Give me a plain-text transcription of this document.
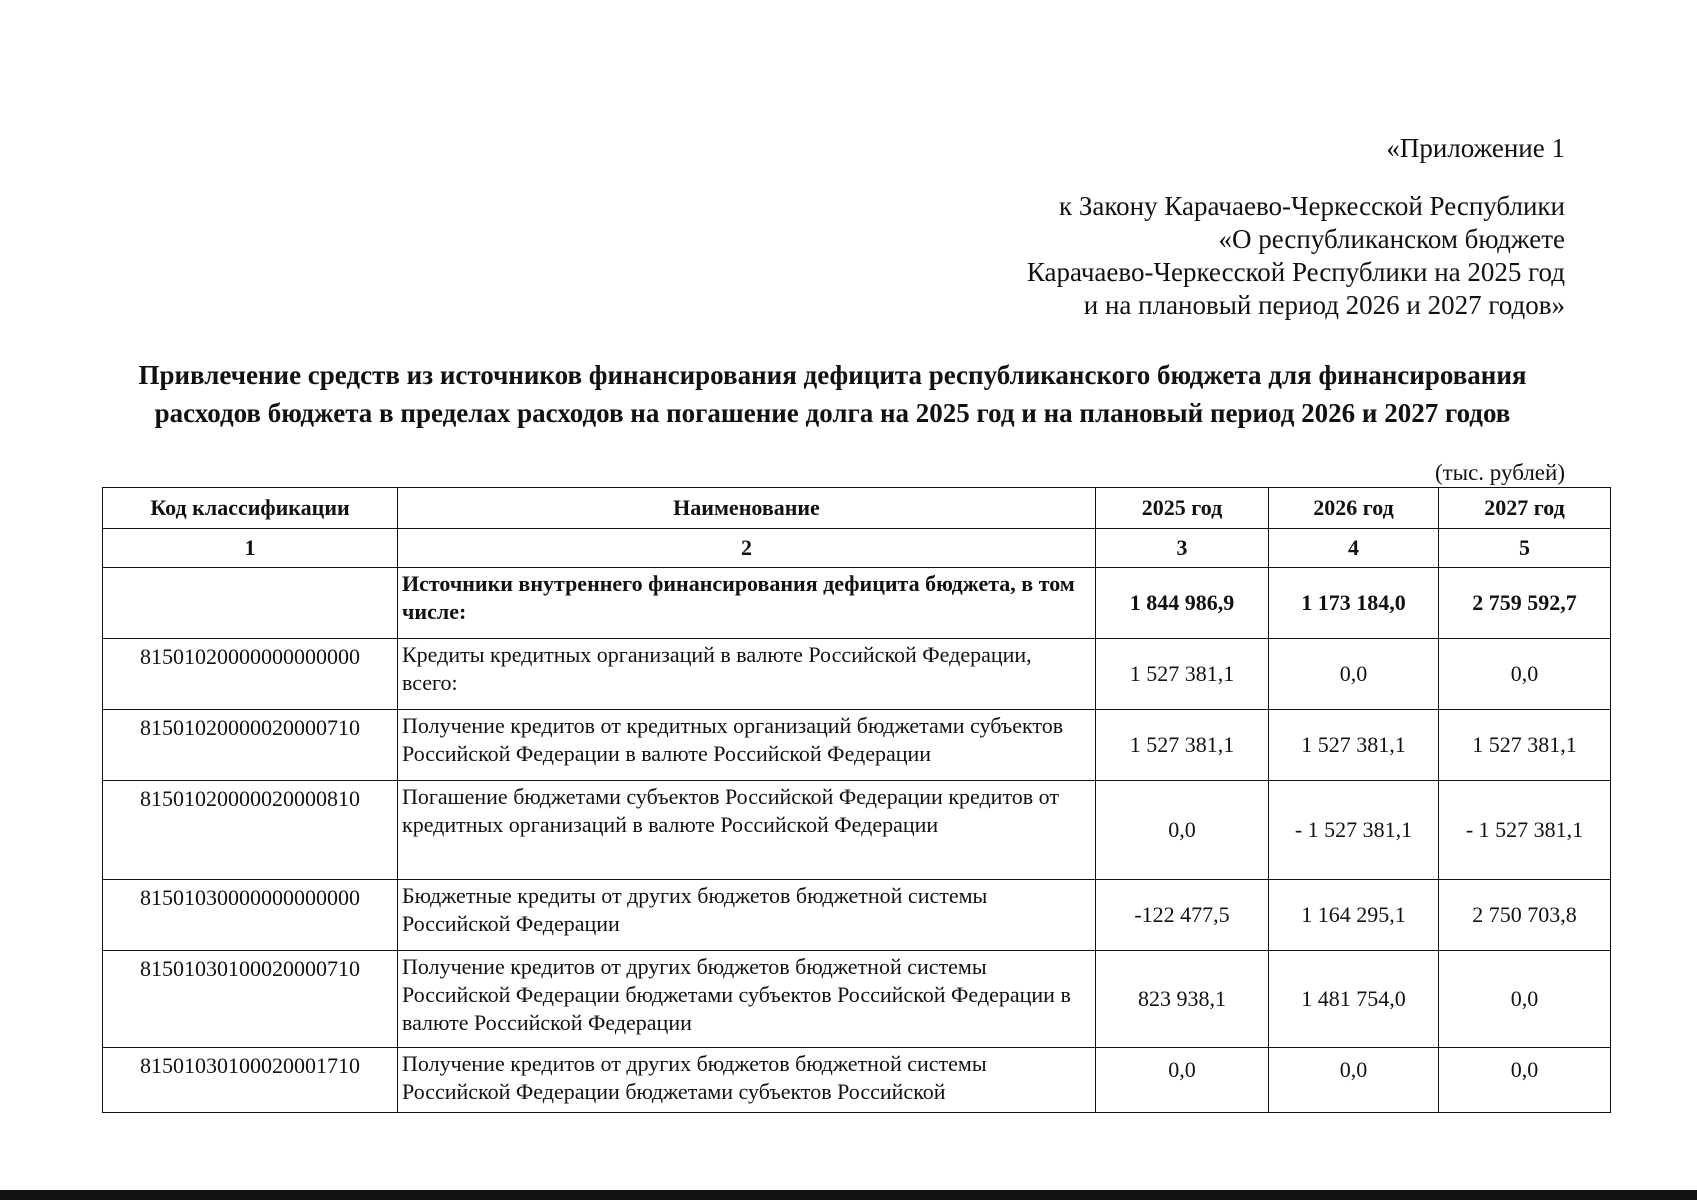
«Приложение 1
к Закону Карачаево-Черкесской Республики
«О республиканском бюджете
Карачаево-Черкесской Республики на 2025 год
и на плановый период 2026 и 2027 годов»
Привлечение средств из источников финансирования дефицита республиканского бюджета для финансирования
расходов бюджета в пределах расходов на погашение долга на 2025 год и на плановый период 2026 и 2027 годов
(тыс. рублей)
Код классификации	Наименование	2025 год	2026 год	2027 год
1	2	3	4	5
	Источники внутреннего финансирования дефицита бюджета, в том числе:	1 844 986,9	1 173 184,0	2 759 592,7
81501020000000000000	Кредиты кредитных организаций в валюте Российской Федерации, всего:	1 527 381,1	0,0	0,0
81501020000020000710	Получение кредитов от кредитных организаций бюджетами субъектов Российской Федерации в валюте Российской Федерации	1 527 381,1	1 527 381,1	1 527 381,1
81501020000020000810	Погашение бюджетами субъектов Российской Федерации кредитов от кредитных организаций в валюте Российской Федерации	0,0	- 1 527 381,1	- 1 527 381,1
81501030000000000000	Бюджетные кредиты от других бюджетов бюджетной системы Российской Федерации	-122 477,5	1 164 295,1	2 750 703,8
81501030100020000710	Получение кредитов от других бюджетов бюджетной системы Российской Федерации бюджетами субъектов Российской Федерации в валюте Российской Федерации	823 938,1	1 481 754,0	0,0
81501030100020001710	Получение кредитов от других бюджетов бюджетной системы Российской Федерации бюджетами субъектов Российской	0,0	0,0	0,0
